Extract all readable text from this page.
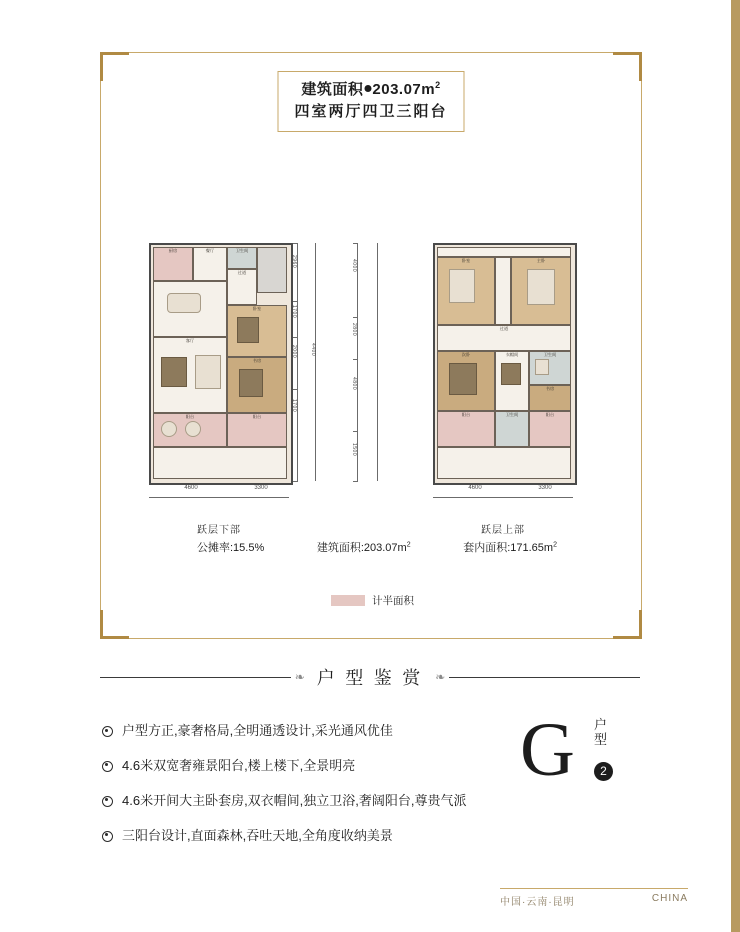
建筑面积 $203.07m^2$
四室两厅四卫三阳台
厨房	餐厅	卫生间
过道
卧室
客厅
书房
阳台	阳台
2960
1700
2000
1700
4400
4600	3300
跃层下部
4000
2800
4800
1500
卧室	主卧
过道
次卧	衣帽间	卫生间
书房
阳台	卫生间	阳台
4600	3300
跃层上部
公摊率:15.5%	建筑面积$:203.07m^2$	套内面积$:171.65m^2$
计半面积
❧ 户 型 鉴 赏	❧
户型方正,豪奢格局,全明通透设计,采光通风优佳
4.6米双宽奢雍景阳台,楼上楼下,全景明亮
4.6米开间大主卧套房,双衣帽间,独立卫浴,奢阔阳台,尊贵气派
三阳台设计,直面森林,吞吐天地,全角度收纳美景
G	户
型
2
中国·云南·昆明	CHINA
